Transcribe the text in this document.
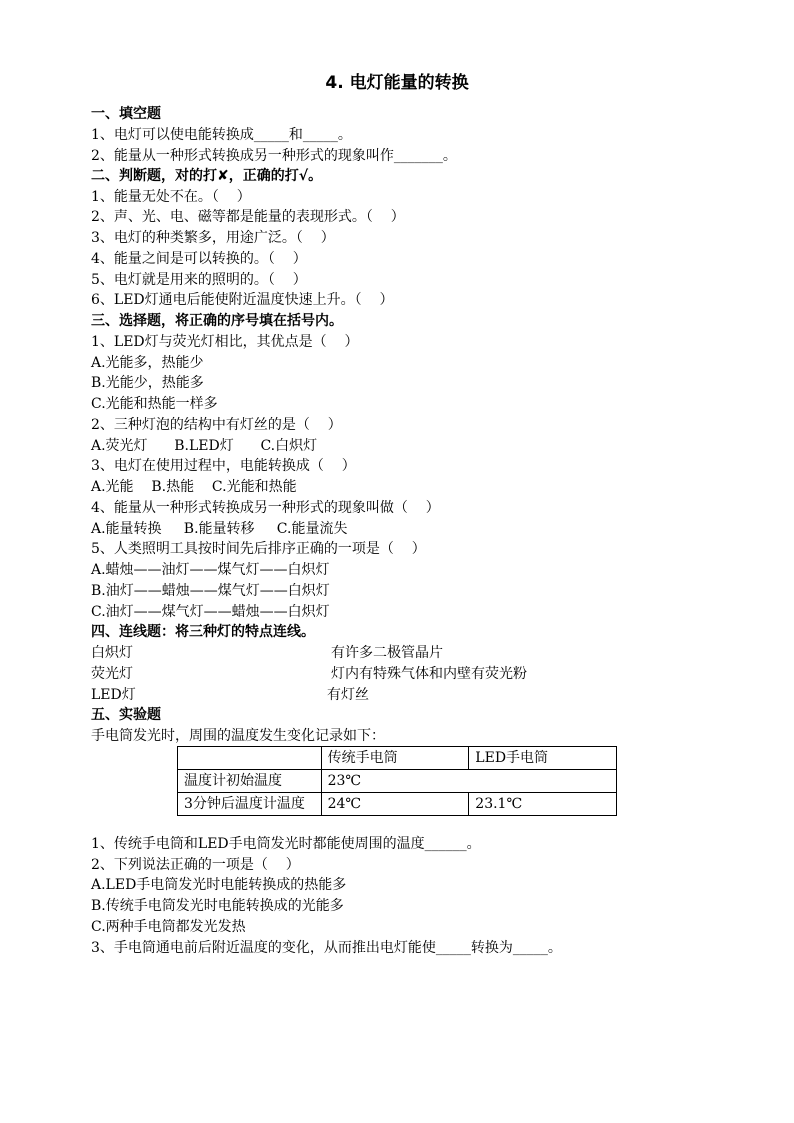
4. 电灯能量的转换
一、填空题
1、电灯可以使电能转换成_____和_____。
2、能量从一种形式转换成另一种形式的现象叫作_______。
二、判断题，对的打✘，正确的打√。
1、能量无处不在。（    ）
2、声、光、电、磁等都是能量的表现形式。（    ）
3、电灯的种类繁多，用途广泛。（    ）
4、能量之间是可以转换的。（    ）
5、电灯就是用来的照明的。（    ）
6、LED灯通电后能使附近温度快速上升。（    ）
三、选择题，将正确的序号填在括号内。
1、LED灯与荧光灯相比，其优点是（    ）
A.光能多，热能少
B.光能少，热能多
C.光能和热能一样多
2、三种灯泡的结构中有灯丝的是（    ）
A.荧光灯      B.LED灯      C.白炽灯
3、电灯在使用过程中，电能转换成（    ）
A.光能    B.热能    C.光能和热能
4、能量从一种形式转换成另一种形式的现象叫做（    ）
A.能量转换     B.能量转移     C.能量流失
5、人类照明工具按时间先后排序正确的一项是（    ）
A.蜡烛——油灯——煤气灯——白炽灯
B.油灯——蜡烛——煤气灯——白炽灯
C.油灯——煤气灯——蜡烛——白炽灯
四、连线题：将三种灯的特点连线。
白炽灯
荧光灯
LED灯
有许多二极管晶片
灯内有特殊气体和内壁有荧光粉
有灯丝
五、实验题
手电筒发光时，周围的温度发生变化记录如下：
	传统手电筒	LED手电筒
温度计初始温度	23℃	
3分钟后温度计温度	24℃	23.1℃
1、传统手电筒和LED手电筒发光时都能使周围的温度______。
2、下列说法正确的一项是（    ）
A.LED手电筒发光时电能转换成的热能多
B.传统手电筒发光时电能转换成的光能多
C.两种手电筒都发光发热
3、手电筒通电前后附近温度的变化，从而推出电灯能使_____转换为_____。
